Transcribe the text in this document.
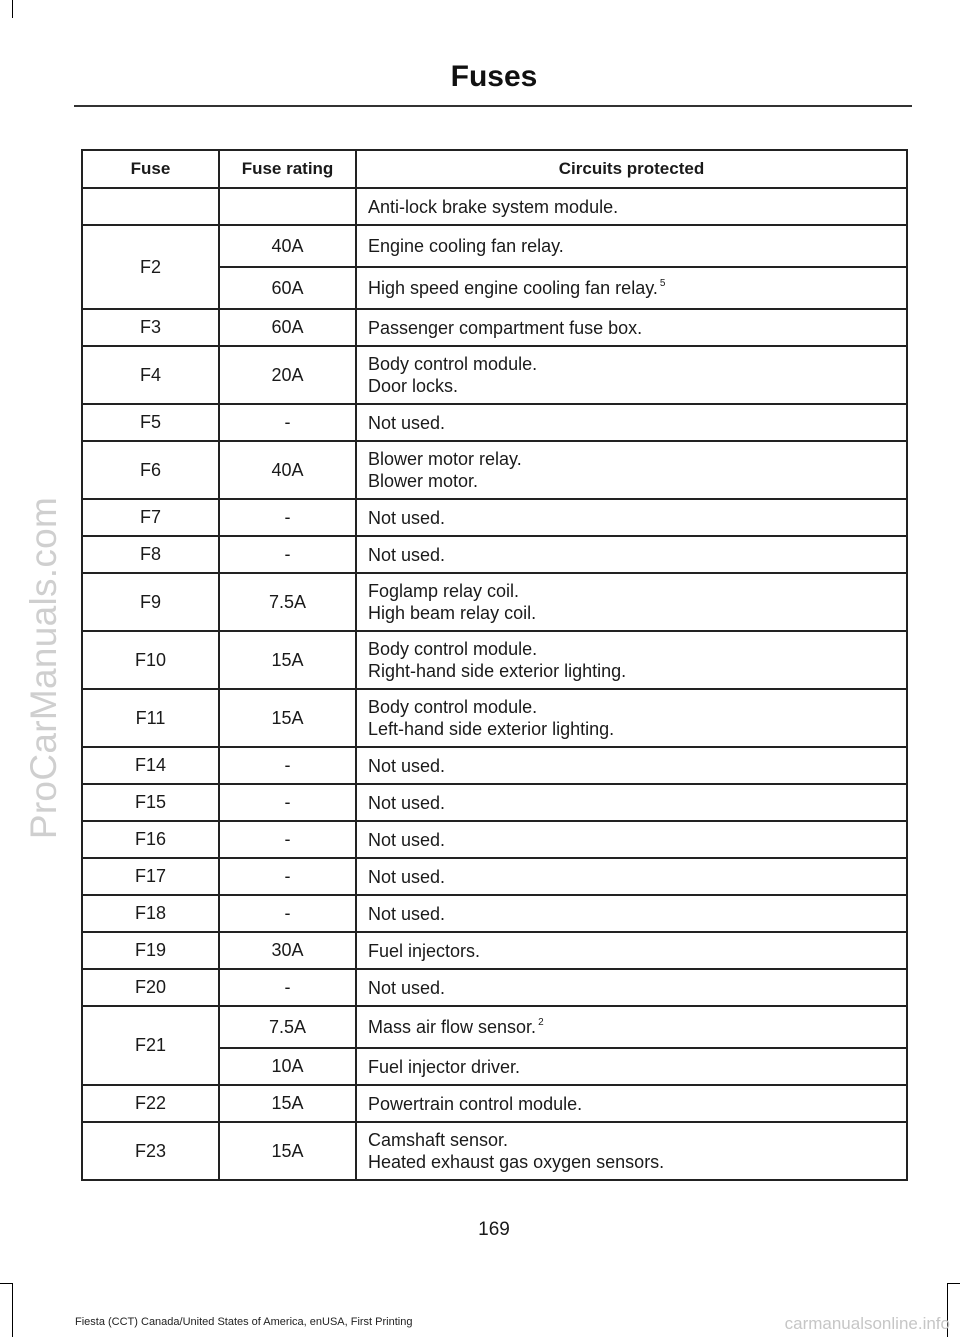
ProCarManuals.com
Fuses
Fuse	Fuse rating	Circuits protected

		Anti-lock brake system module.

F2	40A	Engine cooling fan relay.

	60A	High speed engine cooling fan relay. $^5$
F3	60A	Passenger compartment fuse box.

F4	20A	Body control module.
Door locks.

F5	-	Not used.

F6	40A	Blower motor relay.
Blower motor.

F7	-	Not used.

F8	-	Not used.

F9	7.5A	Foglamp relay coil.
High beam relay coil.

F10	15A	Body control module.
Right-hand side exterior lighting.

F11	15A	Body control module.
Left-hand side exterior lighting.

F14	-	Not used.

F15	-	Not used.

F16	-	Not used.

F17	-	Not used.

F18	-	Not used.

F19	30A	Fuel injectors.

F20	-	Not used.

F21	7.5A	Mass air flow sensor. $^2$
	10A	Fuel injector driver.

F22	15A	Powertrain control module.

F23	15A	Camshaft sensor.
Heated exhaust gas oxygen sensors.
169
Fiesta (CCT) Canada/United States of America, enUSA, First Printing	carmanualsonline.info
